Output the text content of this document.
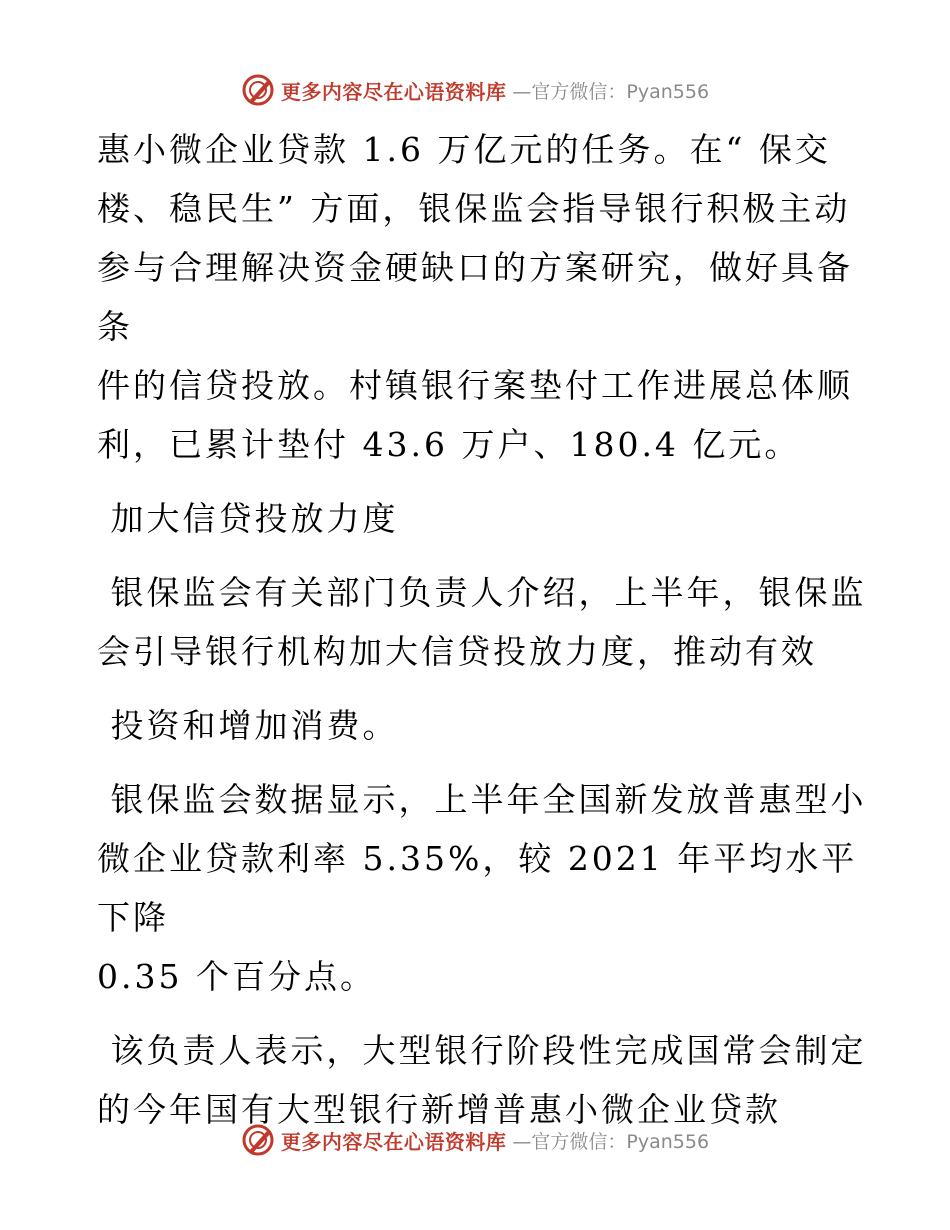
更多内容尽在心语资料库 —官方微信：Pyan556

惠小微企业贷款 1.6 万亿元的任务。在“ 保交
楼、稳民生” 方面，银保监会指导银行积极主动
参与合理解决资金硬缺口的方案研究，做好具备条
件的信贷投放。村镇银行案垫付工作进展总体顺
利，已累计垫付 43.6 万户、180.4 亿元。

加大信贷投放力度

银保监会有关部门负责人介绍，上半年，银保监
会引导银行机构加大信贷投放力度，推动有效

投资和增加消费。

银保监会数据显示，上半年全国新发放普惠型小
微企业贷款利率 5.35%，较 2021 年平均水平下降
0.35 个百分点。

该负责人表示，大型银行阶段性完成国常会制定
的今年国有大型银行新增普惠小微企业贷款

更多内容尽在心语资料库 —官方微信：Pyan556
